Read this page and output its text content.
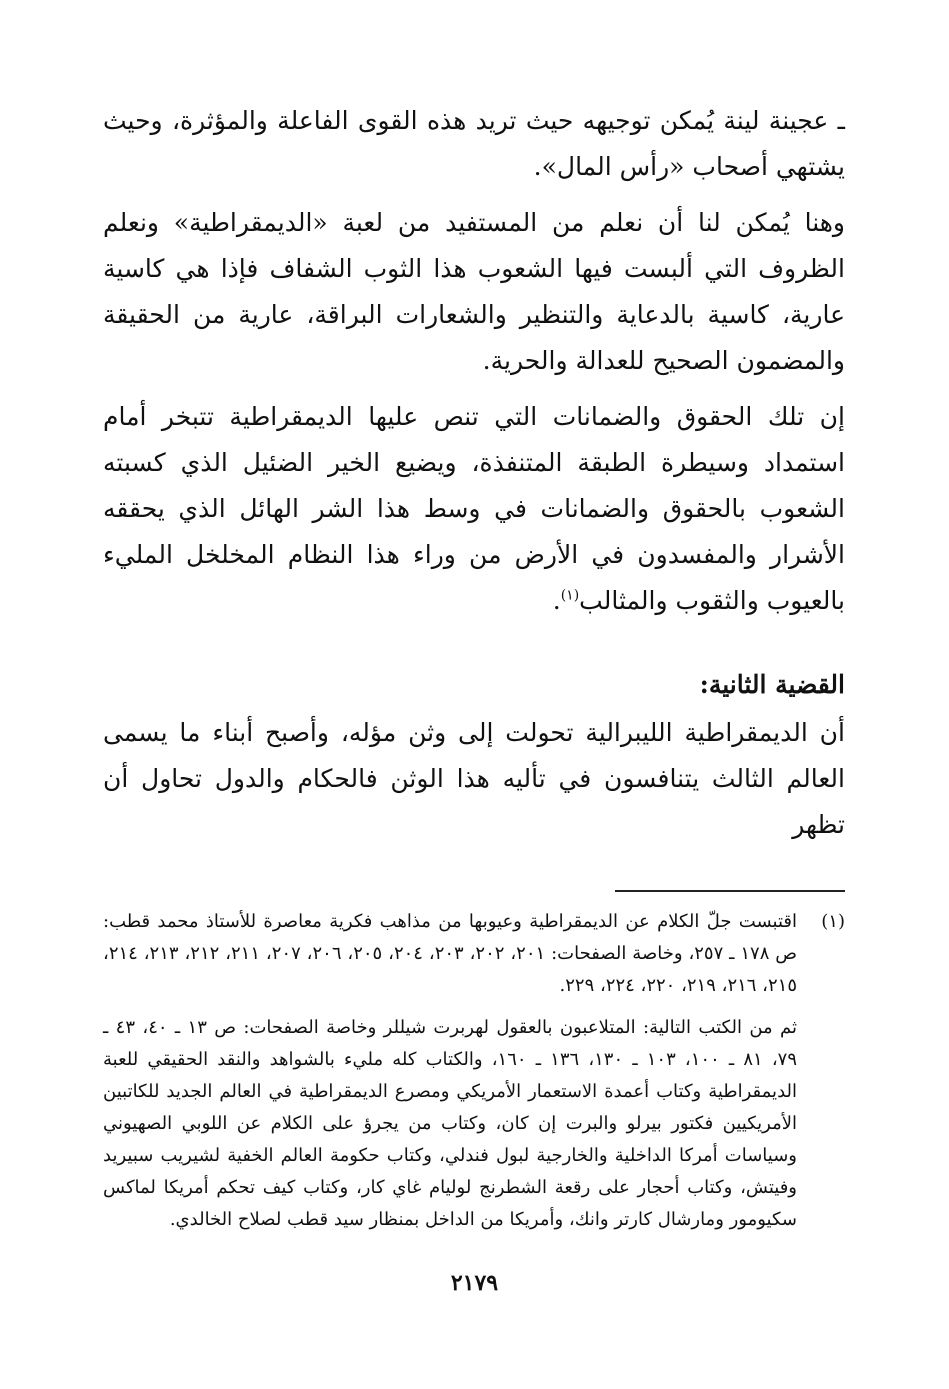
ـ عجينة لينة يُمكن توجيهه حيث تريد هذه القوى الفاعلة والمؤثرة، وحيث يشتهي أصحاب «رأس المال».

وهنا يُمكن لنا أن نعلم من المستفيد من لعبة «الديمقراطية» ونعلم الظروف التي ألبست فيها الشعوب هذا الثوب الشفاف فإذا هي كاسية عارية، كاسية بالدعاية والتنظير والشعارات البراقة، عارية من الحقيقة والمضمون الصحيح للعدالة والحرية.

إن تلك الحقوق والضمانات التي تنص عليها الديمقراطية تتبخر أمام استمداد وسيطرة الطبقة المتنفذة، ويضيع الخير الضئيل الذي كسبته الشعوب بالحقوق والضمانات في وسط هذا الشر الهائل الذي يحققه الأشرار والمفسدون في الأرض من وراء هذا النظام المخلخل المليء بالعيوب والثقوب والمثالب$^{(١)}$.

القضية الثانية:

أن الديمقراطية الليبرالية تحولت إلى وثن مؤله، وأصبح أبناء ما يسمى العالم الثالث يتنافسون في تأليه هذا الوثن فالحكام والدول تحاول أن تظهر

(١)
اقتبست جلّ الكلام عن الديمقراطية وعيوبها من مذاهب فكرية معاصرة للأستاذ محمد قطب: ص ١٧٨ ـ ٢٥٧، وخاصة الصفحات: ٢٠١، ٢٠٢، ٢٠٣، ٢٠٤، ٢٠٥، ٢٠٦، ٢٠٧، ٢١١، ٢١٢، ٢١٣، ٢١٤، ٢١٥، ٢١٦، ٢١٩، ٢٢٠، ٢٢٤، ٢٢٩.

ثم من الكتب التالية: المتلاعبون بالعقول لهربرت شيللر وخاصة الصفحات: ص ١٣ ـ ٤٠، ٤٣ ـ ٧٩، ٨١ ـ ١٠٠، ١٠٣ ـ ١٣٠، ١٣٦ ـ ١٦٠، والكتاب كله مليء بالشواهد والنقد الحقيقي للعبة الديمقراطية وكتاب أعمدة الاستعمار الأمريكي ومصرع الديمقراطية في العالم الجديد للكاتبين الأمريكيين فكتور بيرلو والبرت إن كان، وكتاب من يجرؤ على الكلام عن اللوبي الصهيوني وسياسات أمركا الداخلية والخارجية لبول فندلي، وكتاب حكومة العالم الخفية لشيريب سبيريد وفيتش، وكتاب أحجار على رقعة الشطرنج لوليام غاي كار، وكتاب كيف تحكم أمريكا لماكس سكيومور ومارشال كارتر وانك، وأمريكا من الداخل بمنظار سيد قطب لصلاح الخالدي.

٢١٧٩
